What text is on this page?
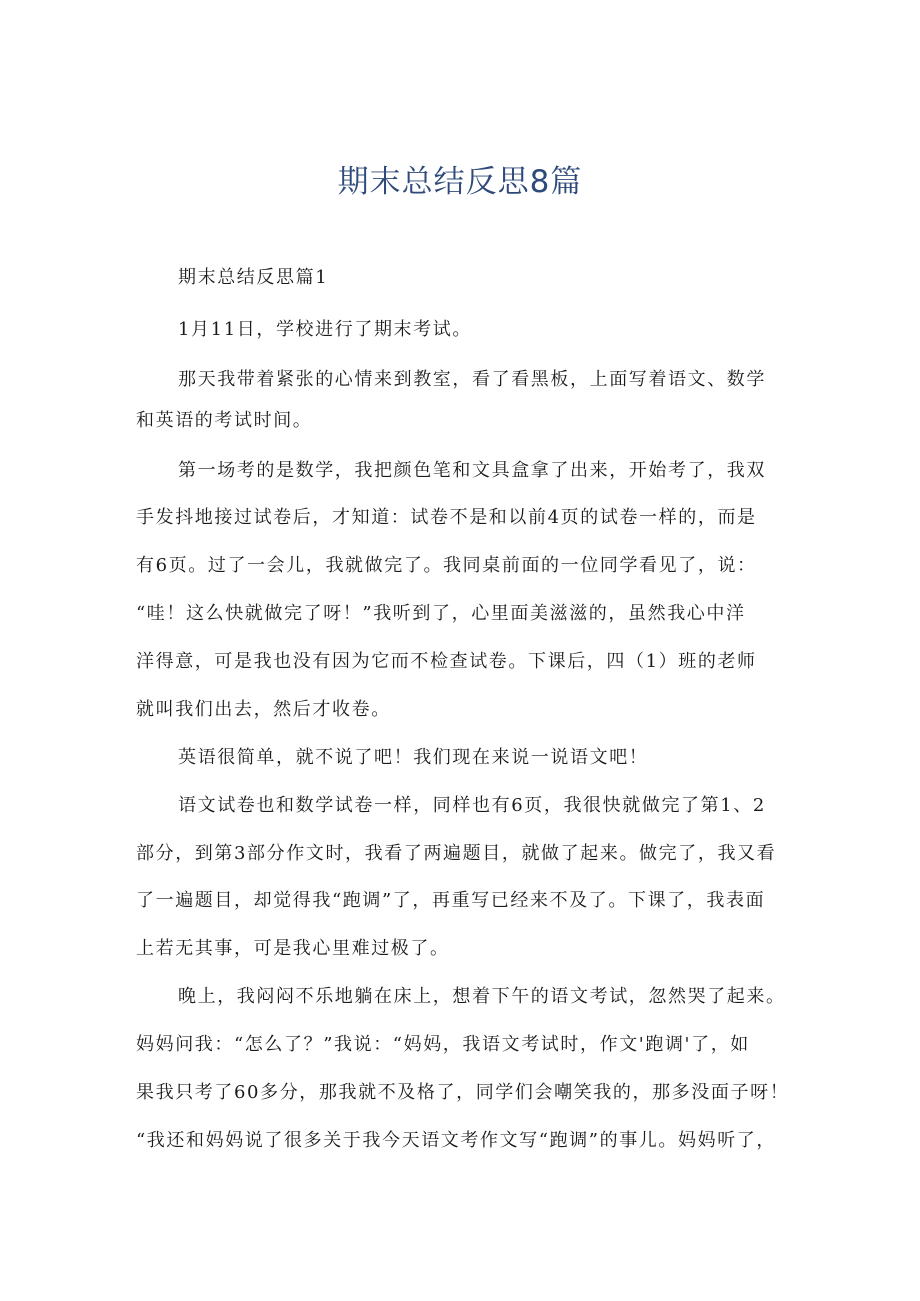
期末总结反思8篇
期末总结反思篇1
1月11日，学校进行了期末考试。
那天我带着紧张的心情来到教室，看了看黑板，上面写着语文、数学
和英语的考试时间。
第一场考的是数学，我把颜色笔和文具盒拿了出来，开始考了，我双
手发抖地接过试卷后，才知道：试卷不是和以前4页的试卷一样的，而是
有6页。过了一会儿，我就做完了。我同桌前面的一位同学看见了，说：
“哇！这么快就做完了呀！”我听到了，心里面美滋滋的，虽然我心中洋
洋得意，可是我也没有因为它而不检查试卷。下课后，四（1）班的老师
就叫我们出去，然后才收卷。
英语很简单，就不说了吧！我们现在来说一说语文吧！
语文试卷也和数学试卷一样，同样也有6页，我很快就做完了第1、2
部分，到第3部分作文时，我看了两遍题目，就做了起来。做完了，我又看
了一遍题目，却觉得我“跑调”了，再重写已经来不及了。下课了，我表面
上若无其事，可是我心里难过极了。
晚上，我闷闷不乐地躺在床上，想着下午的语文考试，忽然哭了起来。
妈妈问我：“怎么了？”我说：“妈妈，我语文考试时，作文'跑调'了，如
果我只考了60多分，那我就不及格了，同学们会嘲笑我的，那多没面子呀！
“我还和妈妈说了很多关于我今天语文考作文写“跑调”的事儿。妈妈听了，
